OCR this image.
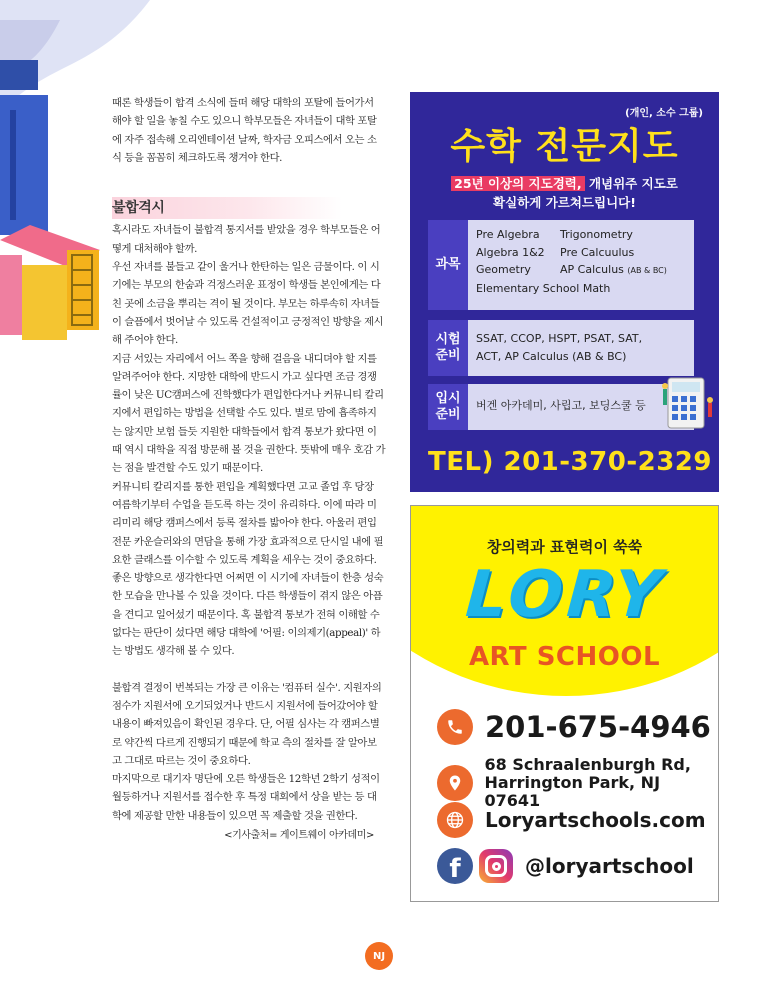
때론 학생들이 합격 소식에 들떠 해당 대학의 포탈에 들어가서 해야 할 일을 놓칠 수도 있으니 학부모들은 자녀들이 대학 포탈에 자주 접속해 오리엔테이션 날짜, 학자금 오피스에서 오는 소식 등을 꼼꼼히 체크하도록 챙겨야 한다.

불합격시

혹시라도 자녀들이 불합격 통지서를 받았을 경우 학부모들은 어떻게 대처해야 할까.

우선 자녀를 불들고 같이 울거나 한탄하는 일은 금물이다. 이 시기에는 부모의 한숨과 걱정스러운 표정이 학생들 본인에게는 다친 곳에 소금을 뿌리는 격이 될 것이다. 부모는 하루속히 자녀들이 슬픔에서 벗어날 수 있도록 건설적이고 긍정적인 방향을 제시해 주어야 한다.

지금 서있는 자리에서 어느 쪽을 향해 걸음을 내디뎌야 할 지를 알려주어야 한다. 지망한 대학에 반드시 가고 싶다면 조금 경쟁률이 낮은 UC캠퍼스에 진학했다가 편입한다거나 커뮤니티 칼리지에서 편입하는 방법을 선택할 수도 있다. 별로 맘에 흡족하지는 않지만 보험 들듯 지원한 대학들에서 합격 통보가 왔다면 이때 역시 대학을 직접 방문해 볼 것을 권한다. 뜻밖에 매우 호감 가는 점을 발견할 수도 있기 때문이다.

커뮤니티 칼리지를 통한 편입을 계획했다면 고교 졸업 후 당장 여름학기부터 수업을 듣도록 하는 것이 유리하다. 이에 따라 미리미리 해당 캠퍼스에서 등록 절차를 밟아야 한다. 아울러 편입 전문 카운슬러와의 면담을 통해 가장 효과적으로 단시일 내에 필요한 클래스를 이수할 수 있도록 계획을 세우는 것이 중요하다.

좋은 방향으로 생각한다면 어쩌면 이 시기에 자녀들이 한층 성숙한 모습을 만나볼 수 있을 것이다. 다른 학생들이 겪지 않은 아픔을 견디고 일어섰기 때문이다. 혹 불합격 통보가 전혀 이해할 수 없다는 판단이 섰다면 해당 대학에 '어필: 이의제기(appeal)' 하는 방법도 생각해 볼 수 있다.

불합격 결정이 번복되는 가장 큰 이유는 '컴퓨터 실수'. 지원자의 점수가 지원서에 오기되었거나 반드시 지원서에 들어갔어야 할 내용이 빠져있음이 확인된 경우다. 단, 어필 심사는 각 캠퍼스별로 약간씩 다르게 진행되기 때문에 학교 측의 절차를 잘 알아보고 그대로 따르는 것이 중요하다.

마지막으로 대기자 명단에 오른 학생들은 12학년 2학기 성적이 월등하거나 지원서를 접수한 후 특정 대회에서 상을 받는 등 대학에 제공할 만한 내용들이 있으면 꼭 제출할 것을 권한다.

<기사출처= 게이트웨이 아카데미>
(개인, 소수 그룹)
수학 전문지도
25년 이상의 지도경력, 개념위주 지도로
확실하게 가르쳐드립니다!
과목
Pre Algebra	Trigonometry
Algebra 1&2	Pre Calcuulus
Geometry	AP Calculus (AB & BC)
Elementary School Math
시험 준비
SSAT, CCOP, HSPT, PSAT, SAT,
ACT, AP Calculus (AB & BC)
입시 준비
버겐 아카데미, 사립고, 보딩스쿨 등
TEL) 201-370-2329
창의력과 표현력이 쑥쑥
LORY
ART SCHOOL
201-675-4946
68 Schraalenburgh Rd,
Harrington Park, NJ 07641
Loryartschools.com
f	@loryartschool
NJ
